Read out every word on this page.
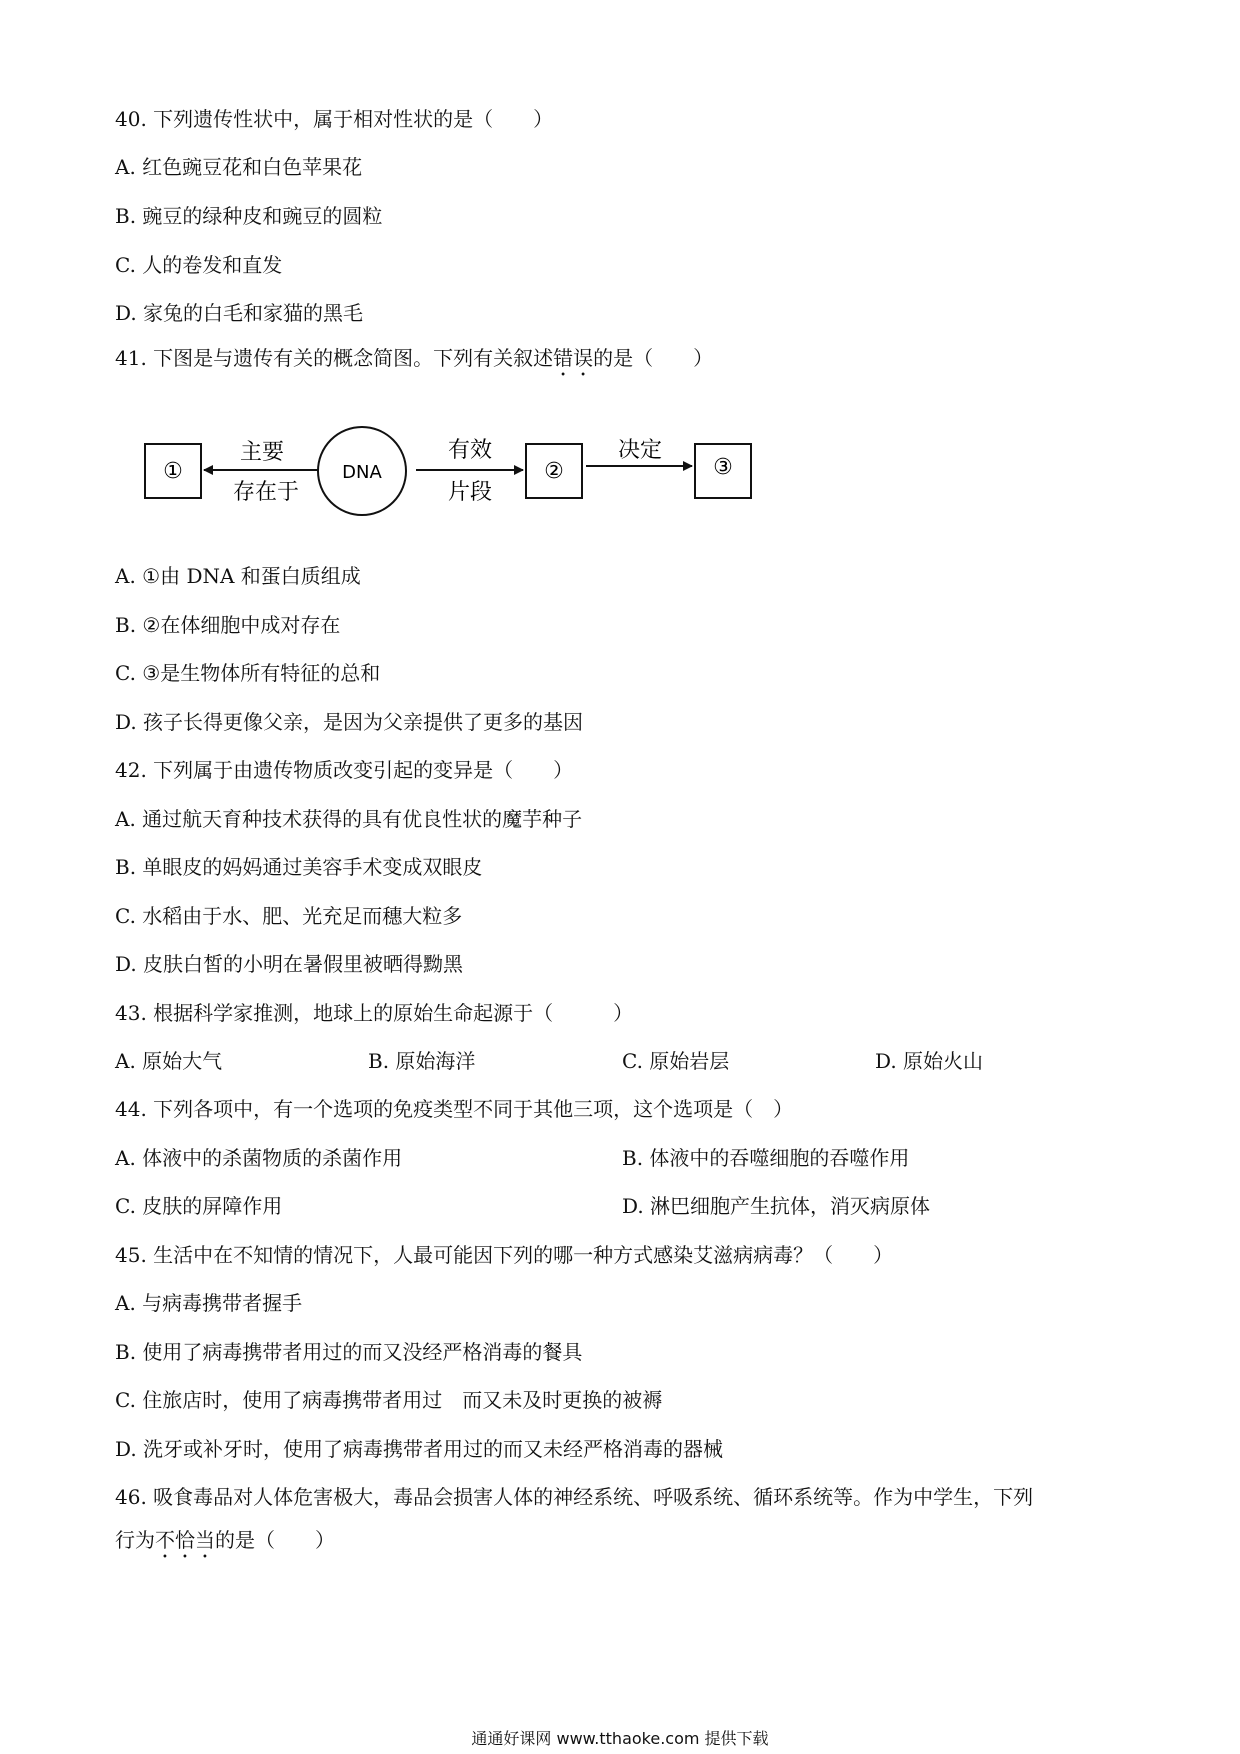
40. 下列遗传性状中，属于相对性状的是（　　）
A. 红色豌豆花和白色苹果花
B. 豌豆的绿种皮和豌豆的圆粒
C. 人的卷发和直发
D. 家兔的白毛和家猫的黑毛
41. 下图是与遗传有关的概念简图。下列有关叙述错误的是（　　）
①
主要
存在于
DNA
有效
片段
②
决定
③
A. ①由 DNA 和蛋白质组成
B. ②在体细胞中成对存在
C. ③是生物体所有特征的总和
D. 孩子长得更像父亲，是因为父亲提供了更多的基因
42. 下列属于由遗传物质改变引起的变异是（　　）
A. 通过航天育种技术获得的具有优良性状的魔芋种子
B. 单眼皮的妈妈通过美容手术变成双眼皮
C. 水稻由于水、肥、光充足而穗大粒多
D. 皮肤白皙的小明在暑假里被晒得黝黑
43. 根据科学家推测，地球上的原始生命起源于（　　　）
A. 原始大气	B. 原始海洋	C. 原始岩层	D. 原始火山
44. 下列各项中，有一个选项的免疫类型不同于其他三项，这个选项是（　）
A. 体液中的杀菌物质的杀菌作用	B. 体液中的吞噬细胞的吞噬作用
C. 皮肤的屏障作用	D. 淋巴细胞产生抗体，消灭病原体
45. 生活中在不知情的情况下，人最可能因下列的哪一种方式感染艾滋病病毒？（　　）
A. 与病毒携带者握手
B. 使用了病毒携带者用过的而又没经严格消毒的餐具
C. 住旅店时，使用了病毒携带者用过　而又未及时更换的被褥
D. 洗牙或补牙时，使用了病毒携带者用过的而又未经严格消毒的器械
46. 吸食毒品对人体危害极大，毒品会损害人体的神经系统、呼吸系统、循环系统等。作为中学生，下列
行为不恰当的是（　　）
通通好课网 www.tthaoke.com 提供下载
